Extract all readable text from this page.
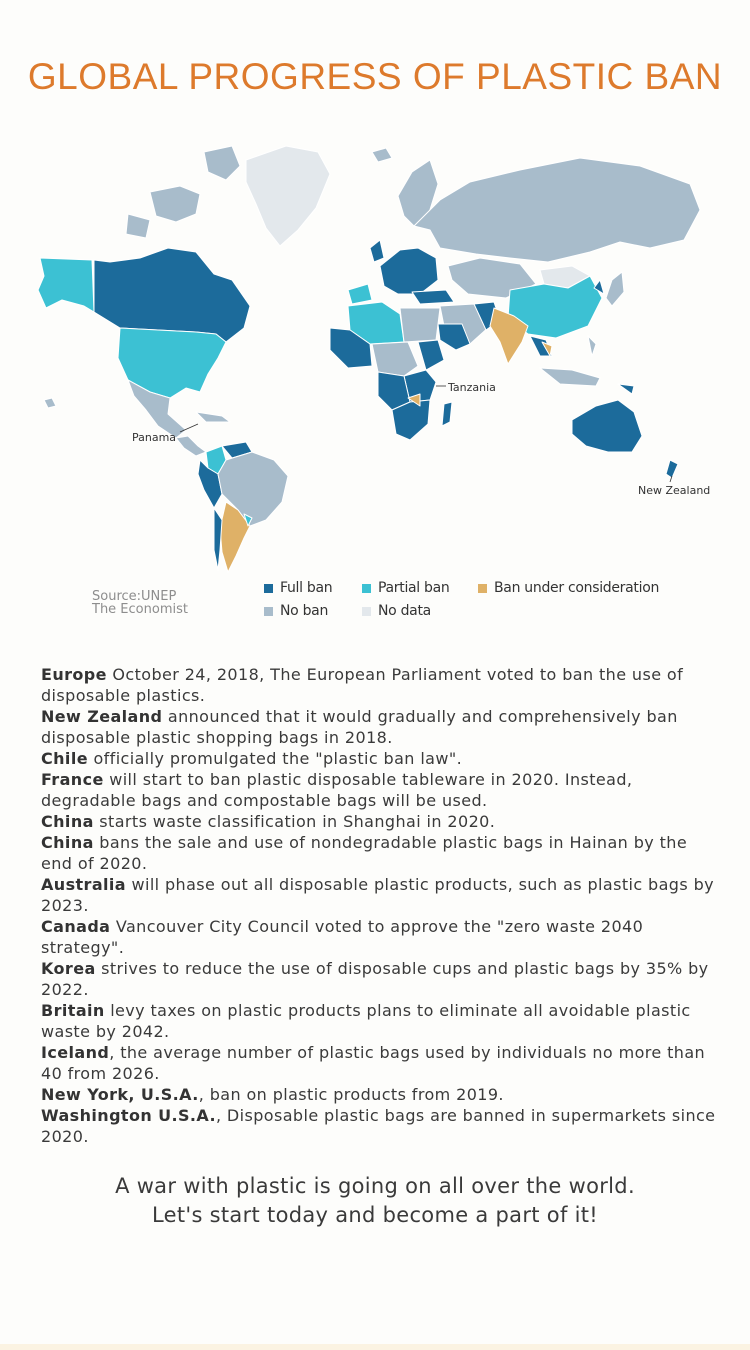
GLOBAL PROGRESS OF PLASTIC BAN
Tanzania
Panama
New Zealand
Source:UNEP
The Economist
Full ban	Partial ban	Ban under consideration
No ban	No data

Europe October 24, 2018, The European Parliament voted to ban the use of disposable plastics.

New Zealand announced that it would gradually and comprehensively ban disposable plastic shopping bags in 2018.

Chile officially promulgated the "plastic ban law".

France will start to ban plastic disposable tableware in 2020. Instead, degradable bags and compostable bags will be used.

China starts waste classification in Shanghai in 2020.

China bans the sale and use of nondegradable plastic bags in Hainan by the end of 2020.

Australia will phase out all disposable plastic products, such as plastic bags by 2023.

Canada Vancouver City Council voted to approve the "zero waste 2040 strategy".

Korea strives to reduce the use of disposable cups and plastic bags by 35% by 2022.

Britain levy taxes on plastic products plans to eliminate all avoidable plastic waste by 2042.

Iceland, the average number of plastic bags used by individuals no more than 40 from 2026.

New York, U.S.A., ban on plastic products from 2019.

Washington U.S.A., Disposable plastic bags are banned in supermarkets since 2020.

A war with plastic is going on all over the world.
Let's start today and become a part of it!
